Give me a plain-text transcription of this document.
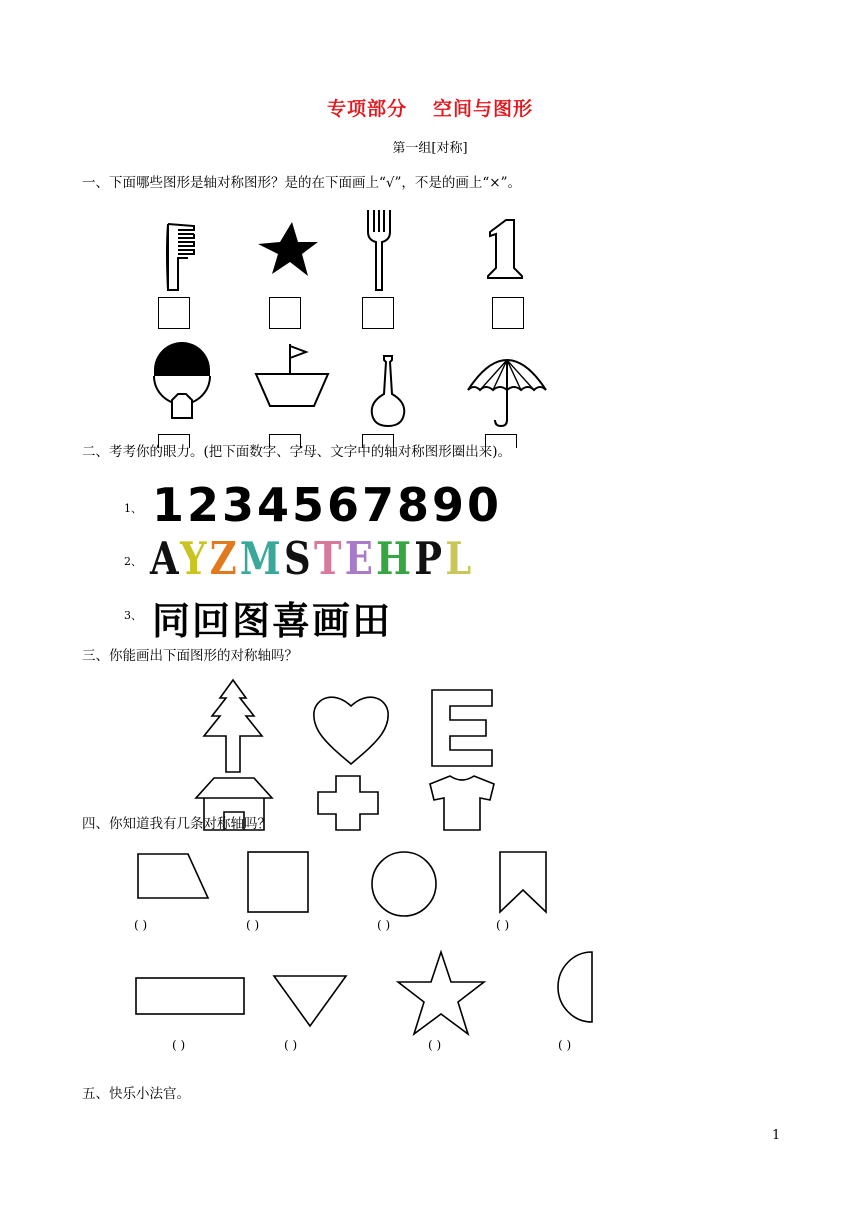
专项部分 空间与图形
第一组[对称]
一、下面哪些图形是轴对称图形？是的在下面画上“√”，不是的画上“×”。
二、考考你的眼力。(把下面数字、字母、文字中的轴对称图形圈出来)。
1、 1234567890
2、 AYZMSTEHPL
3、 同回图喜画田
三、你能画出下面图形的对称轴吗？
四、你知道我有几条对称轴吗？
( )	( )	( )	( )
( )	( )	( )	( )
五、快乐小法官。
1
